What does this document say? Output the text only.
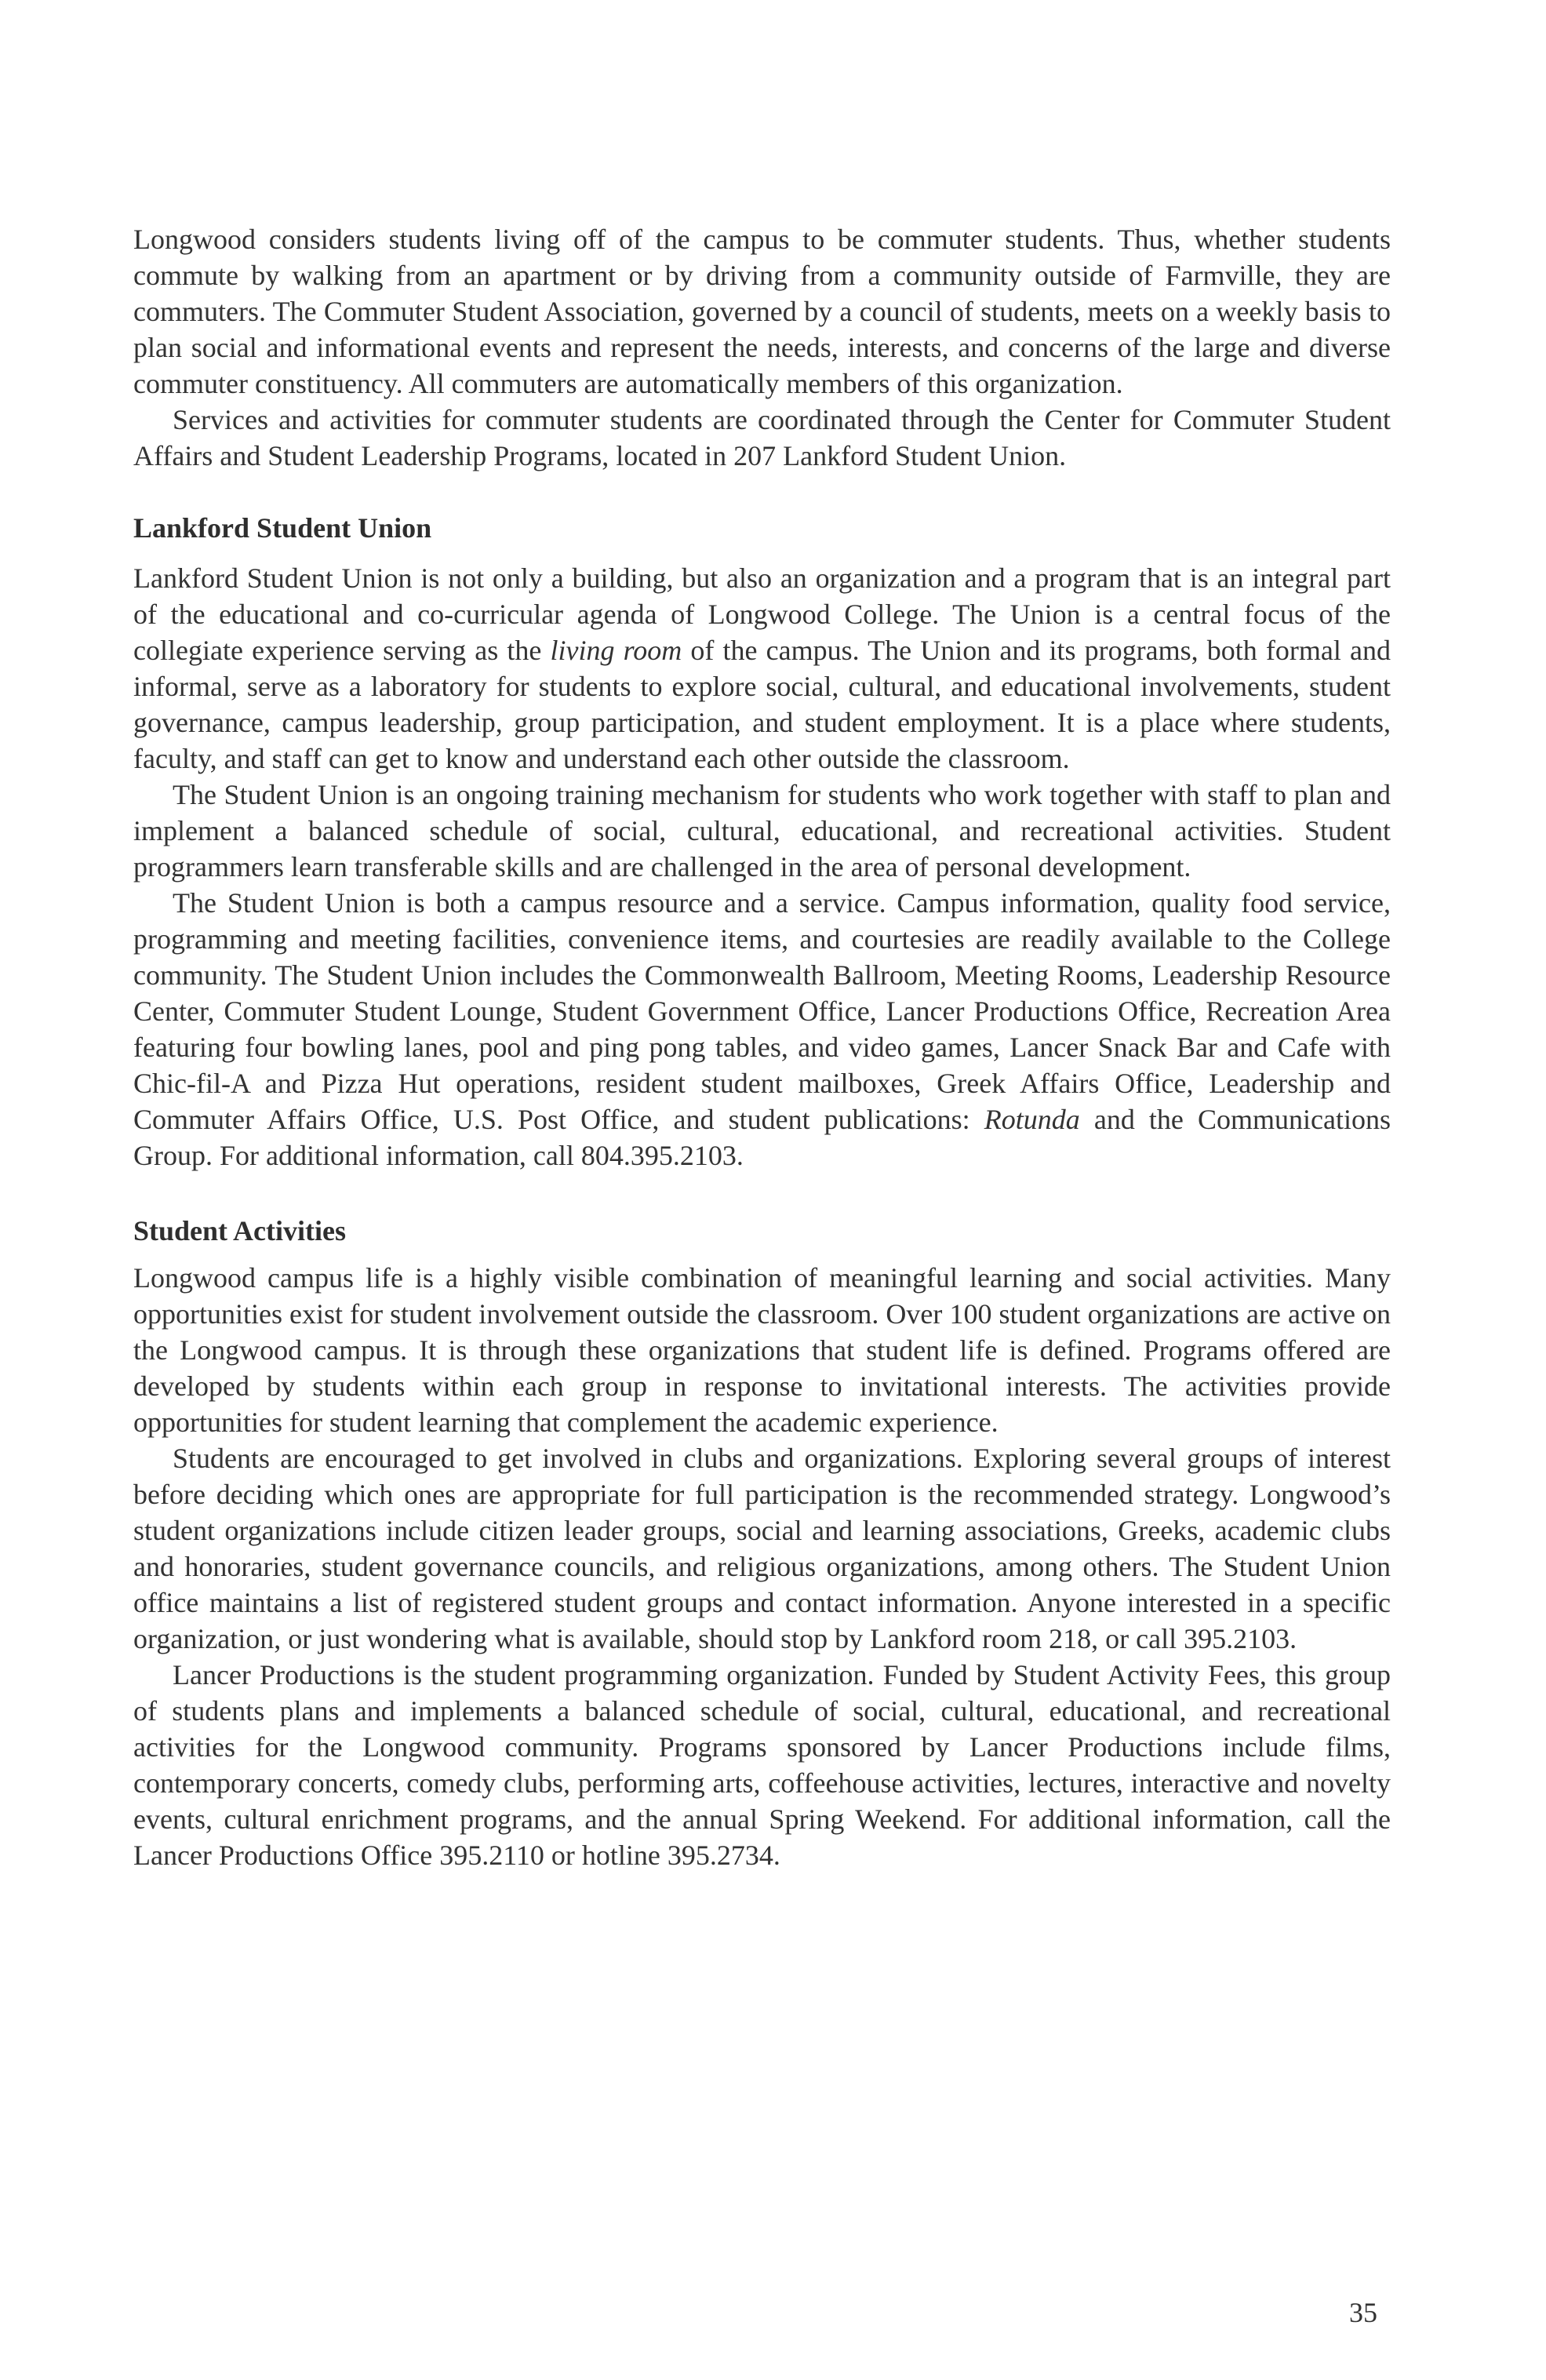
Longwood considers students living off of the campus to be commuter students. Thus, whether students commute by walking from an apartment or by driving from a community outside of Farmville, they are commuters. The Commuter Student Association, governed by a council of students, meets on a weekly basis to plan social and informational events and represent the needs, interests, and concerns of the large and diverse commuter constituency. All commuters are automatically members of this organization.

Services and activities for commuter students are coordinated through the Center for Commuter Student Affairs and Student Leadership Programs, located in 207 Lankford Student Union.

Lankford Student Union

Lankford Student Union is not only a building, but also an organization and a program that is an integral part of the educational and co-curricular agenda of Longwood College. The Union is a central focus of the collegiate experience serving as the living room of the campus. The Union and its programs, both formal and informal, serve as a laboratory for students to explore social, cultural, and educational involvements, student governance, campus leadership, group participation, and student employment. It is a place where students, faculty, and staff can get to know and understand each other outside the classroom.

The Student Union is an ongoing training mechanism for students who work together with staff to plan and implement a balanced schedule of social, cultural, educational, and recreational activities. Student programmers learn transferable skills and are challenged in the area of personal development.

The Student Union is both a campus resource and a service. Campus information, quality food service, programming and meeting facilities, convenience items, and courtesies are readily available to the College community. The Student Union includes the Commonwealth Ballroom, Meeting Rooms, Leadership Resource Center, Commuter Student Lounge, Student Government Office, Lancer Productions Office, Recreation Area featuring four bowling lanes, pool and ping pong tables, and video games, Lancer Snack Bar and Cafe with Chic-fil-A and Pizza Hut operations, resident student mailboxes, Greek Affairs Office, Leadership and Commuter Affairs Office, U.S. Post Office, and student publications: Rotunda and the Communications Group. For additional information, call 804.395.2103.

Student Activities

Longwood campus life is a highly visible combination of meaningful learning and social activities. Many opportunities exist for student involvement outside the classroom. Over 100 student organizations are active on the Longwood campus. It is through these organizations that student life is defined. Programs offered are developed by students within each group in response to invitational interests. The activities provide opportunities for student learning that complement the academic experience.

Students are encouraged to get involved in clubs and organizations. Exploring several groups of interest before deciding which ones are appropriate for full participation is the recommended strategy. Longwood’s student organizations include citizen leader groups, social and learning associations, Greeks, academic clubs and honoraries, student governance councils, and religious organizations, among others. The Student Union office maintains a list of registered student groups and contact information. Anyone interested in a specific organization, or just wondering what is available, should stop by Lankford room 218, or call 395.2103.

Lancer Productions is the student programming organization. Funded by Student Activity Fees, this group of students plans and implements a balanced schedule of social, cultural, educational, and recreational activities for the Longwood community. Programs sponsored by Lancer Productions include films, contemporary concerts, comedy clubs, performing arts, coffeehouse activities, lectures, interactive and novelty events, cultural enrichment programs, and the annual Spring Weekend. For additional information, call the Lancer Productions Office 395.2110 or hotline 395.2734.

35
